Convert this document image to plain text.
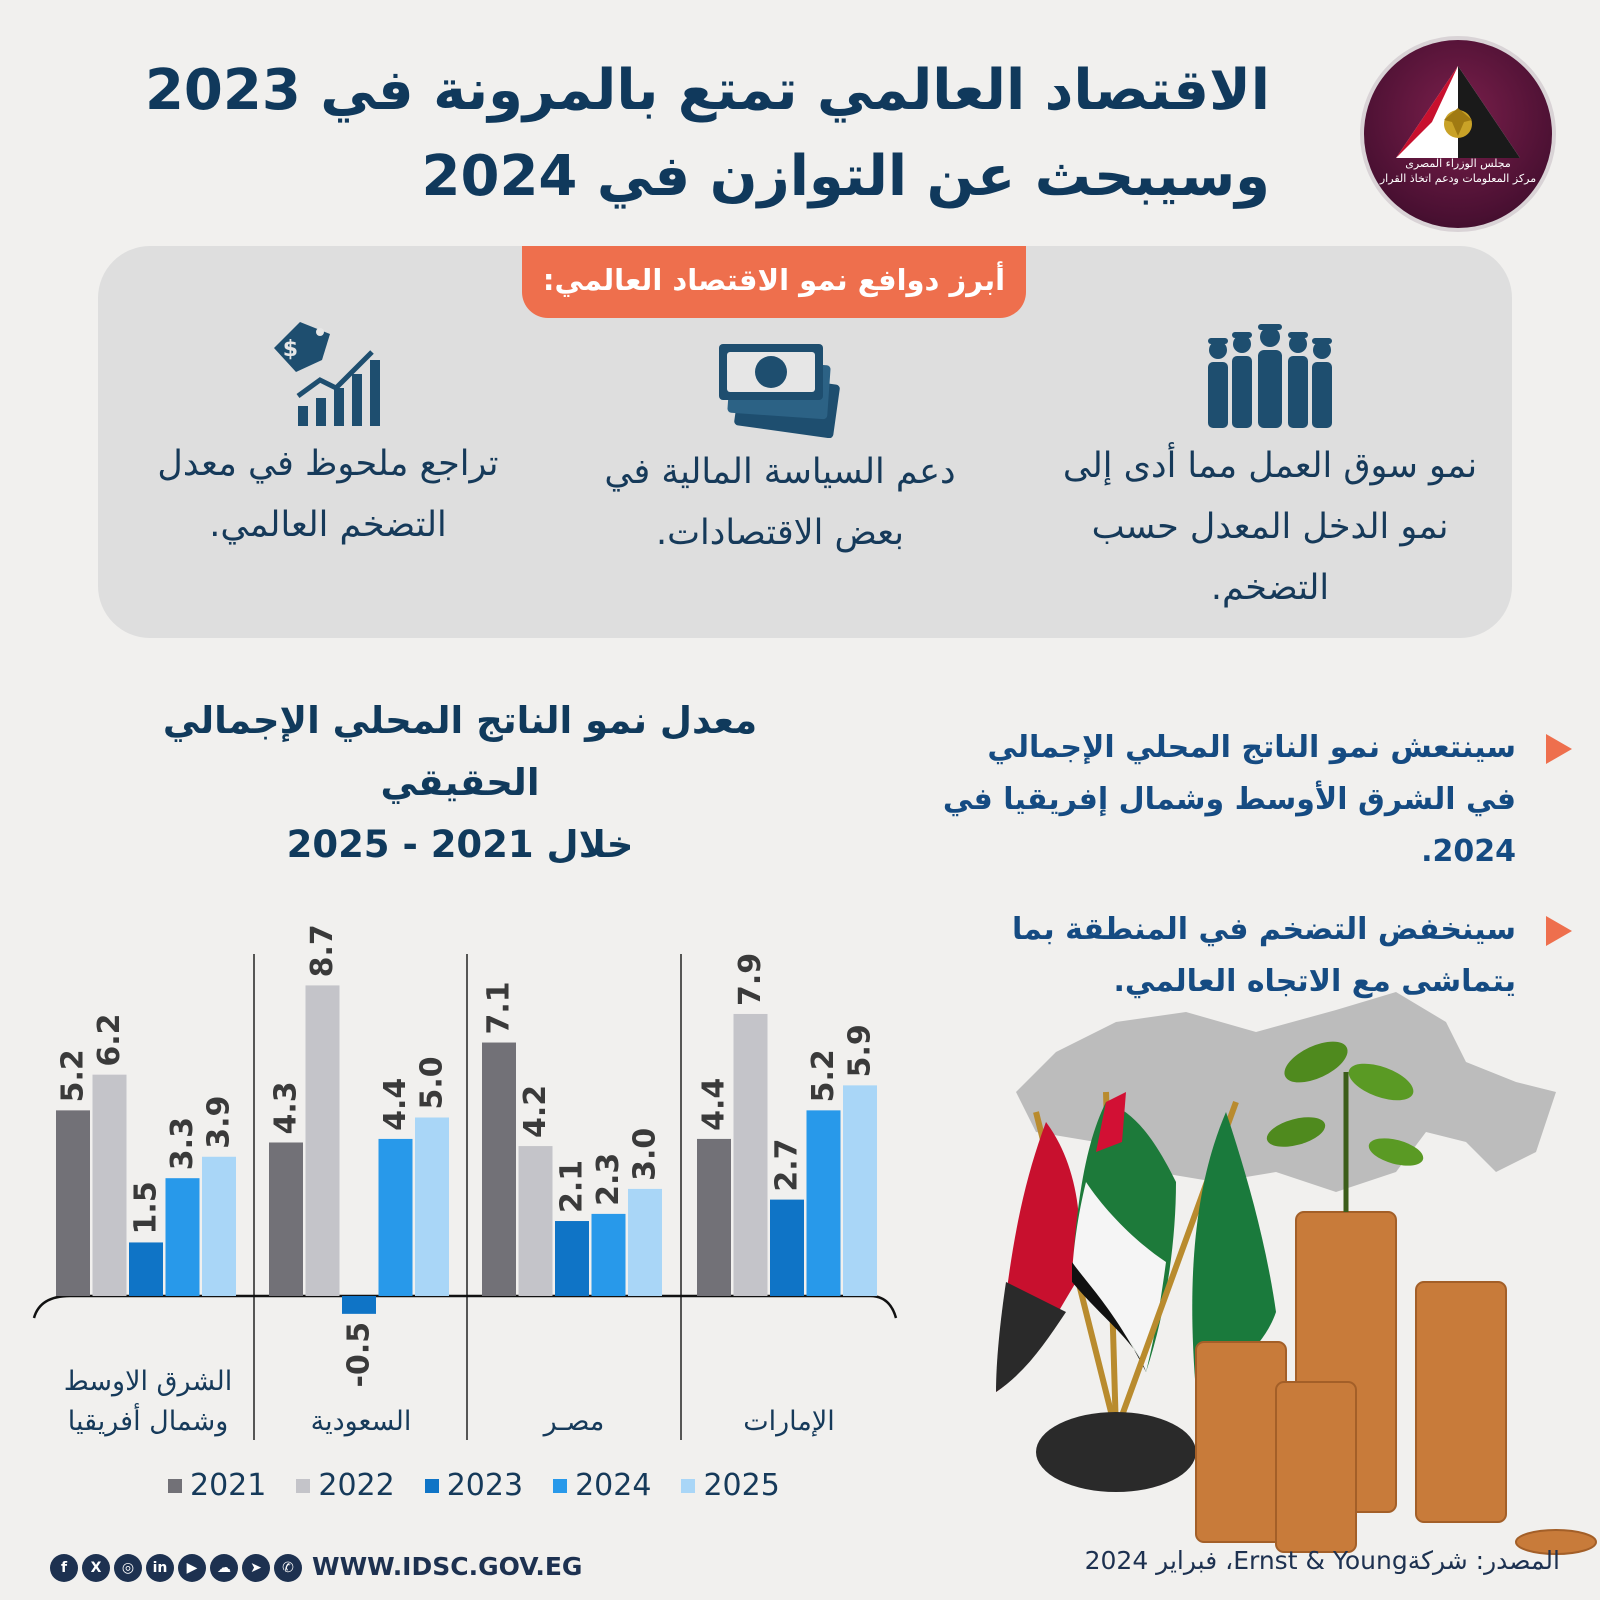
مجلس الوزراء المصرى
مركز المعلومات ودعم اتخاذ القرار
الاقتصاد العالمي تمتع بالمرونة في 2023 وسيبحث عن التوازن في 2024
أبرز دوافع نمو الاقتصاد العالمي:
نمو سوق العمل مما أدى إلى نمو الدخل المعدل حسب التضخم.
دعم السياسة المالية في بعض الاقتصادات.
$
تراجع ملحوظ في معدل التضخم العالمي.
معدل نمو الناتج المحلي الإجمالي الحقيقي
خلال 2021 - 2025
سينتعش نمو الناتج المحلي الإجمالي في الشرق الأوسط وشمال إفريقيا في 2024.
سينخفض التضخم في المنطقة بما يتماشى مع الاتجاه العالمي.
5.2
6.2
1.5
3.3 3.9
الشرق الاوسط
وشمال أفريقيا
4.3
8.7
-0.5
4.4 5.0
السعودية
7.1
4.2
2.1 2.3 3.0
مصـر
4.4
7.9
2.7
5.2 5.9
الإمارات
2021 2022 2023 2024 2025
المصدر: شركةErnst & Young، فبراير 2024
WWW.IDSC.GOV.EG
f	X	◎	in	▶	☁	➤	✆
